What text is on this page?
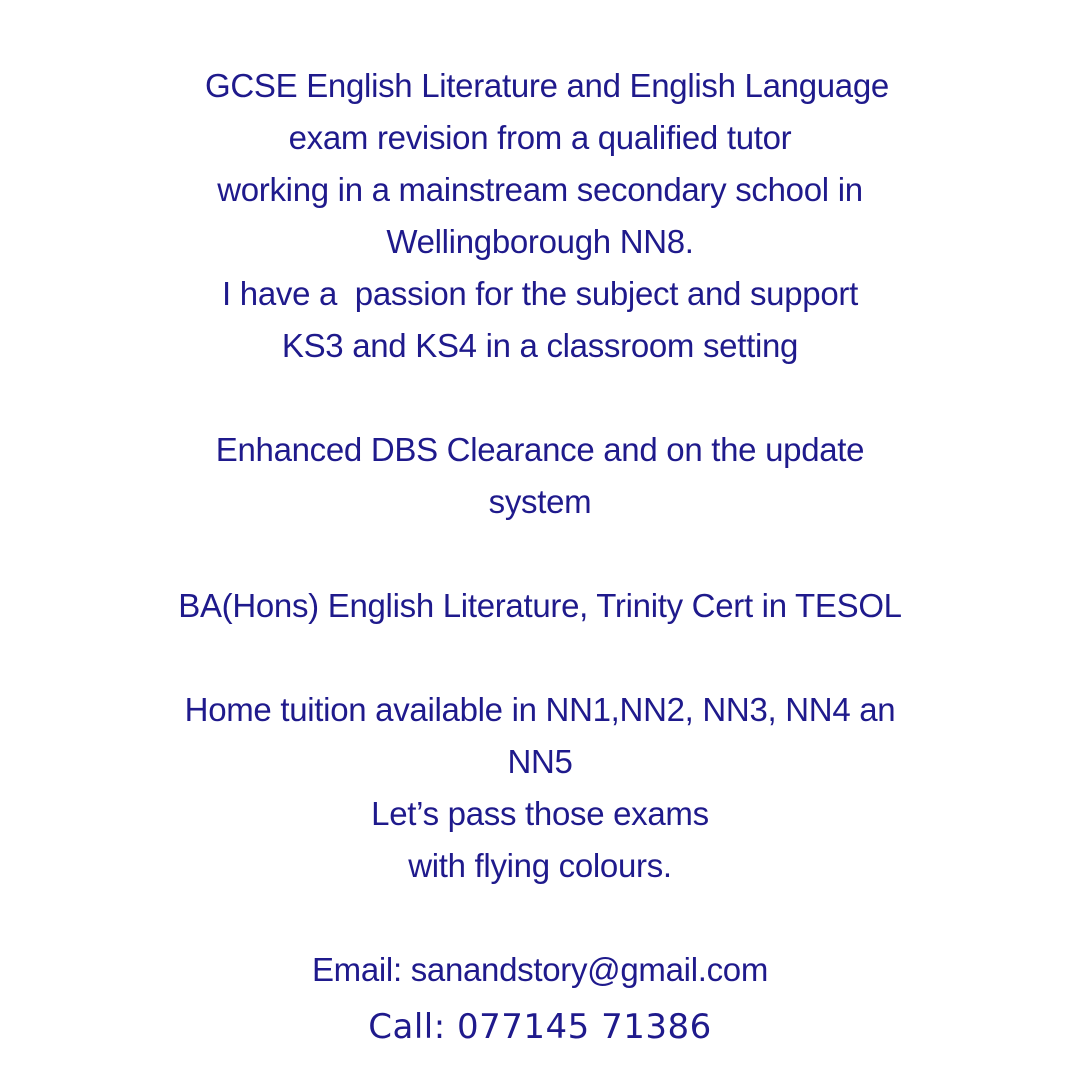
GCSE English Literature and English Language
exam revision from a qualified tutor
working in a mainstream secondary school in
Wellingborough NN8.
I have a  passion for the subject and support
KS3 and KS4 in a classroom setting
Enhanced DBS Clearance and on the update
system
BA(Hons) English Literature, Trinity Cert in TESOL
Home tuition available in NN1,NN2, NN3, NN4 an
NN5
Let’s pass those exams
with flying colours.
Email: sanandstory@gmail.com
Call: 077145 71386
